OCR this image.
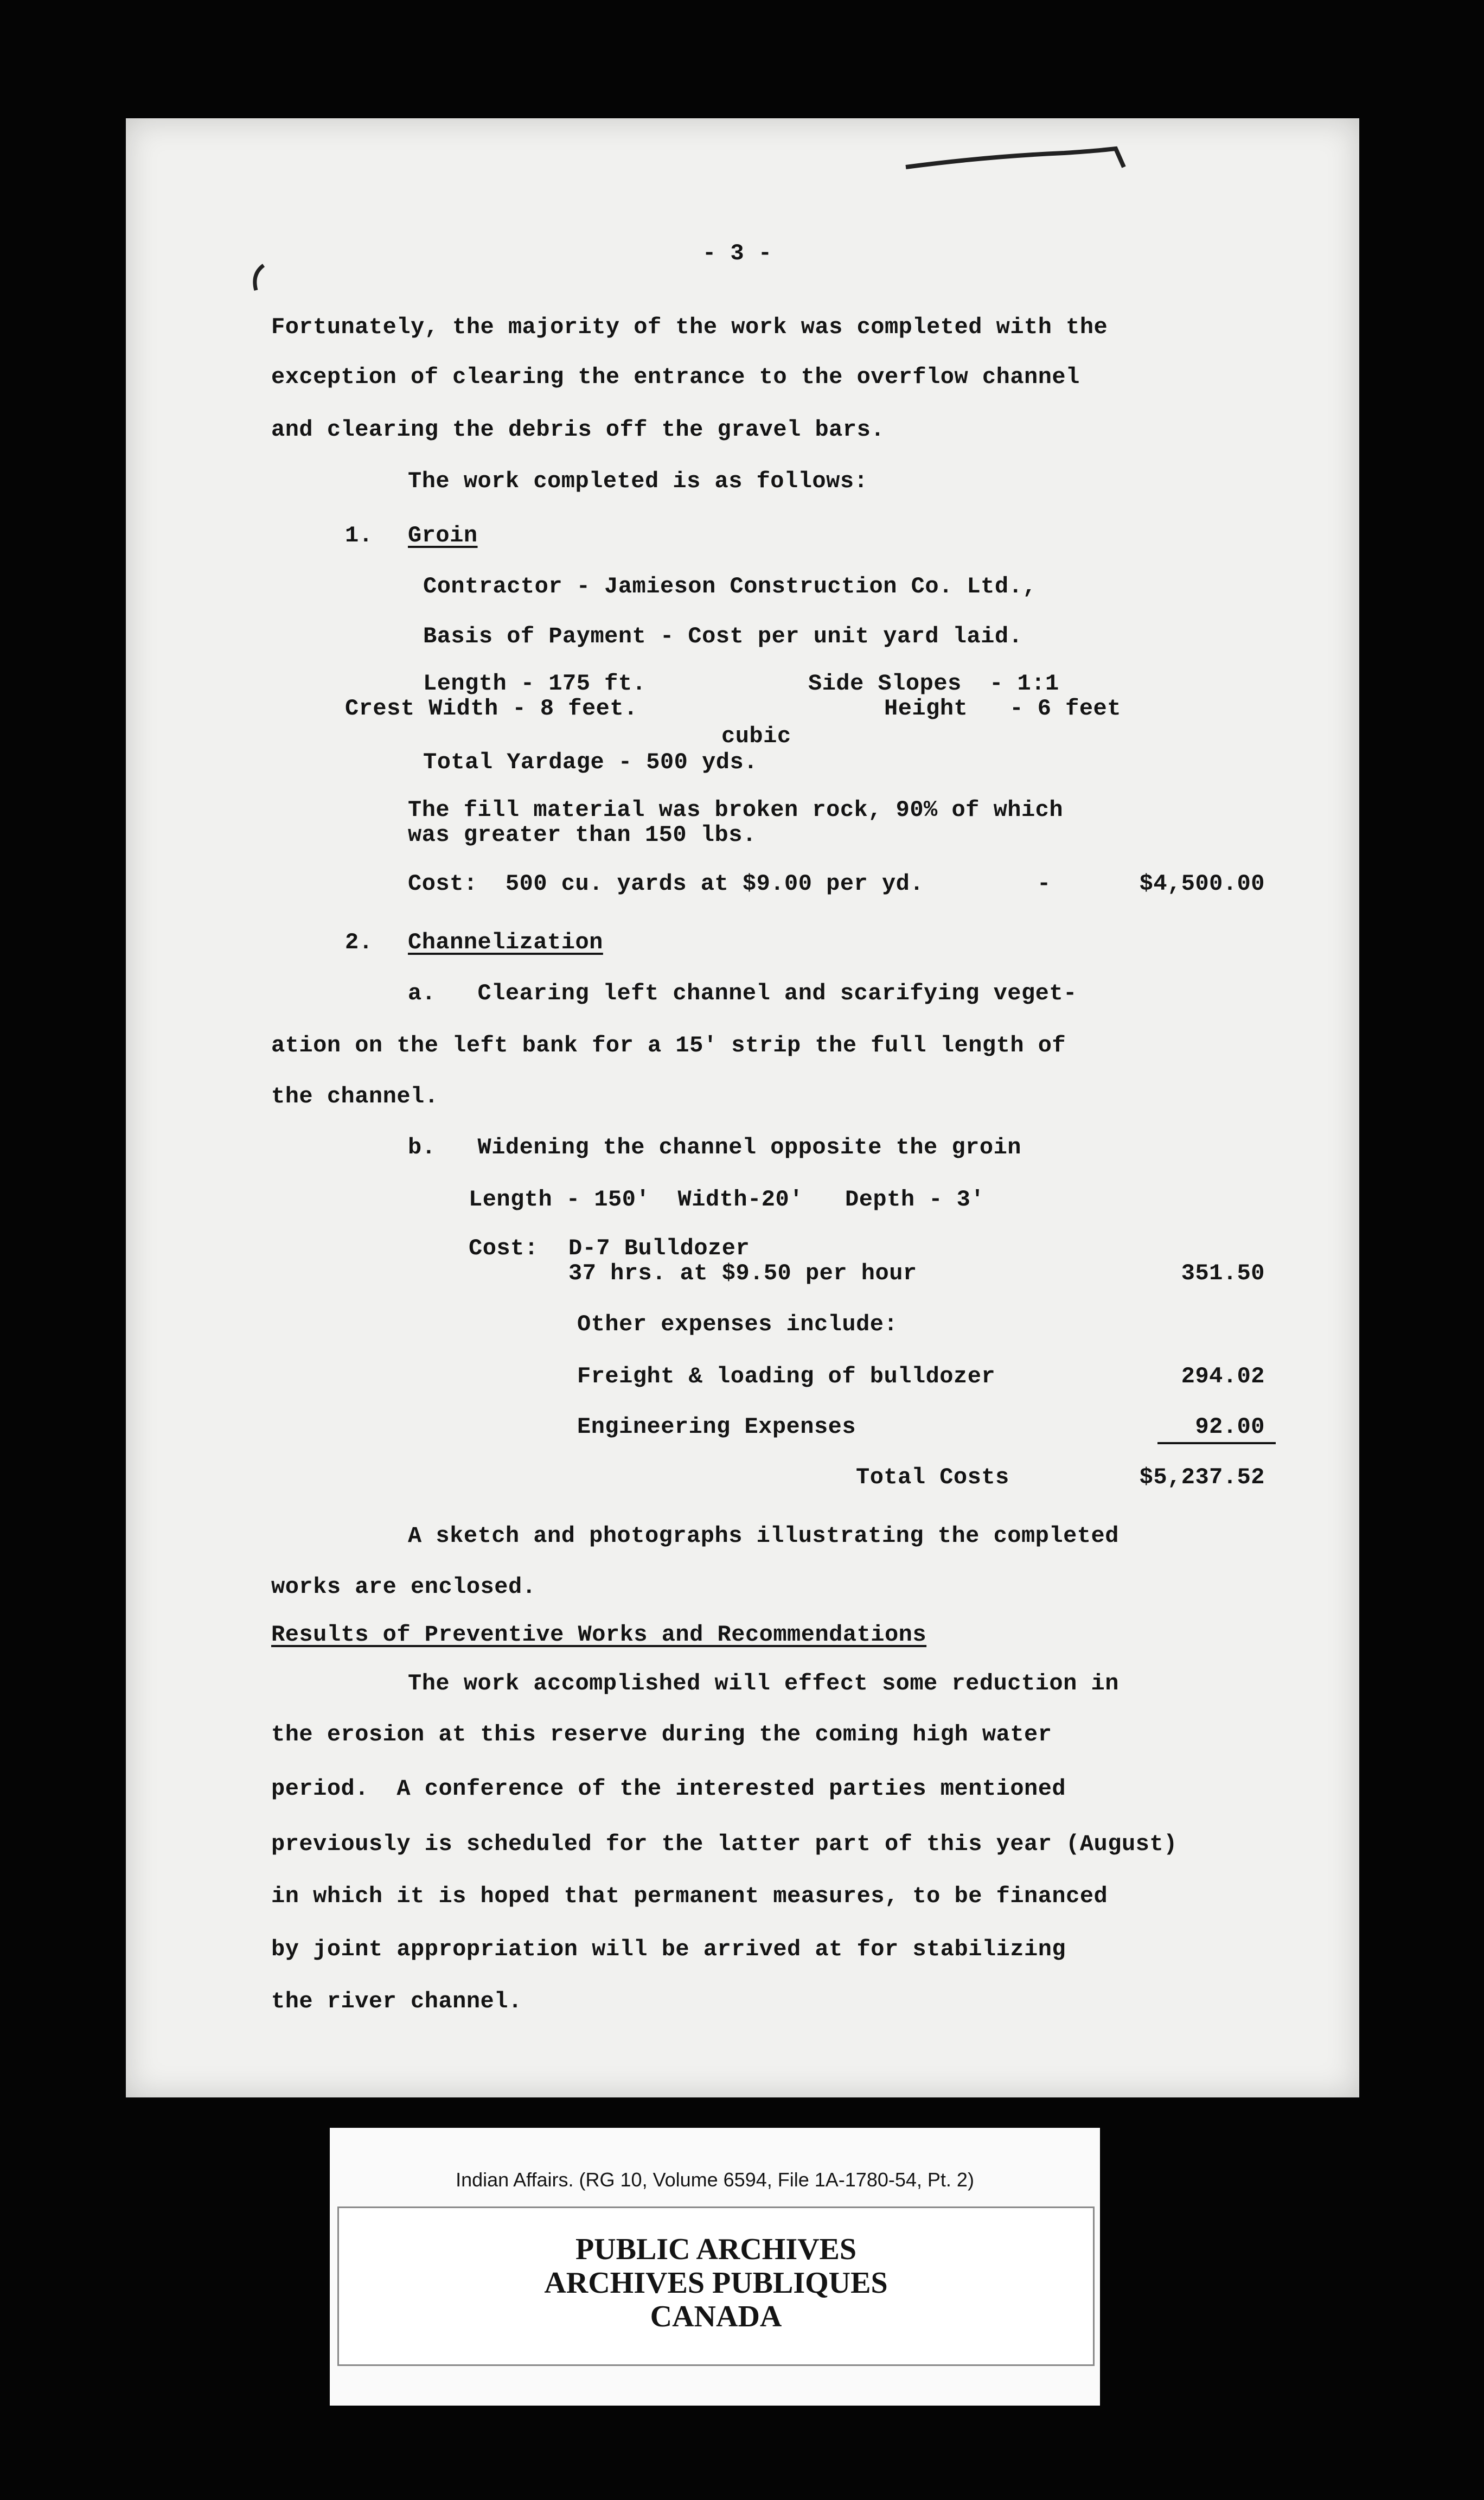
- 3 -
Fortunately, the majority of the work was completed with the
exception of clearing the entrance to the overflow channel
and clearing the debris off the gravel bars.
The work completed is as follows:
1. Groin
Contractor - Jamieson Construction Co. Ltd.,
Basis of Payment - Cost per unit yard laid.
Length - 175 ft.	Side Slopes  - 1:1
Crest Width - 8 feet.	Height   - 6 feet
cubic
Total Yardage - 500 yds.
The fill material was broken rock, 90% of which
was greater than 150 lbs.
Cost:  500 cu. yards at $9.00 per yd.	-	$4,500.00
2. Channelization
a.   Clearing left channel and scarifying veget-
ation on the left bank for a 15' strip the full length of
the channel.
b.   Widening the channel opposite the groin
Length - 150'  Width-20'   Depth - 3'
Cost: D-7 Bulldozer
37 hrs. at $9.50 per hour	351.50
Other expenses include:
Freight & loading of bulldozer	294.02
Engineering Expenses	92.00
Total Costs	$5,237.52
A sketch and photographs illustrating the completed
works are enclosed.
Results of Preventive Works and Recommendations
The work accomplished will effect some reduction in
the erosion at this reserve during the coming high water
period.  A conference of the interested parties mentioned
previously is scheduled for the latter part of this year (August)
in which it is hoped that permanent measures, to be financed
by joint appropriation will be arrived at for stabilizing
the river channel.
Indian Affairs. (RG 10, Volume 6594, File 1A-1780-54, Pt. 2)
PUBLIC ARCHIVES
ARCHIVES PUBLIQUES
CANADA
